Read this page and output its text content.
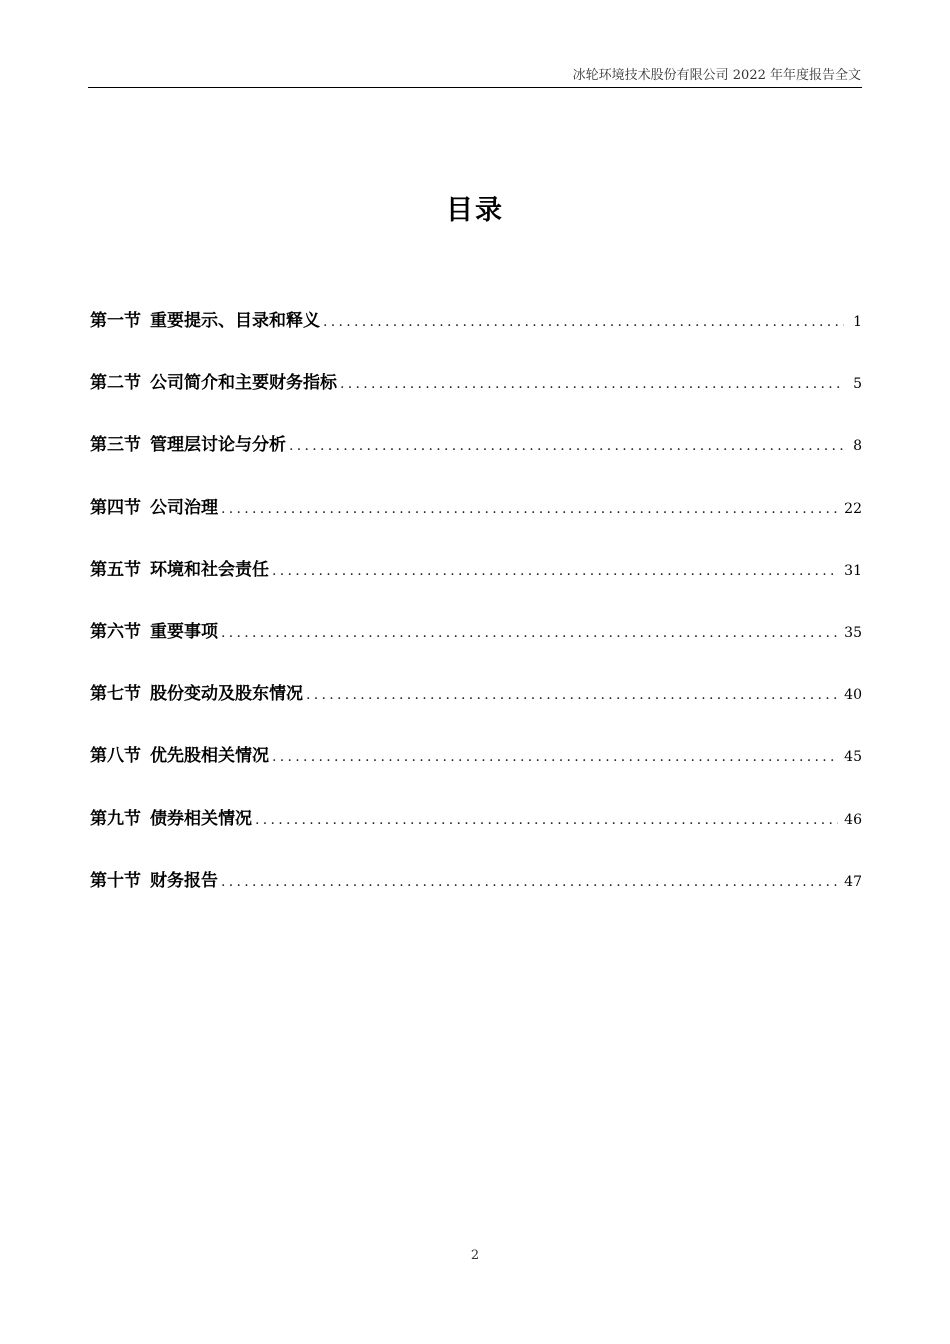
冰轮环境技术股份有限公司 2022 年年度报告全文
目录
第一节 重要提示、目录和释义 .....	1
第二节 公司简介和主要财务指标 .....	5
第三节 管理层讨论与分析 .....	8
第四节 公司治理 .....	22
第五节 环境和社会责任 .....	31
第六节 重要事项 .....	35
第七节 股份变动及股东情况 .....	40
第八节 优先股相关情况 .....	45
第九节 债券相关情况 .....	46
第十节 财务报告 .....	47
2
